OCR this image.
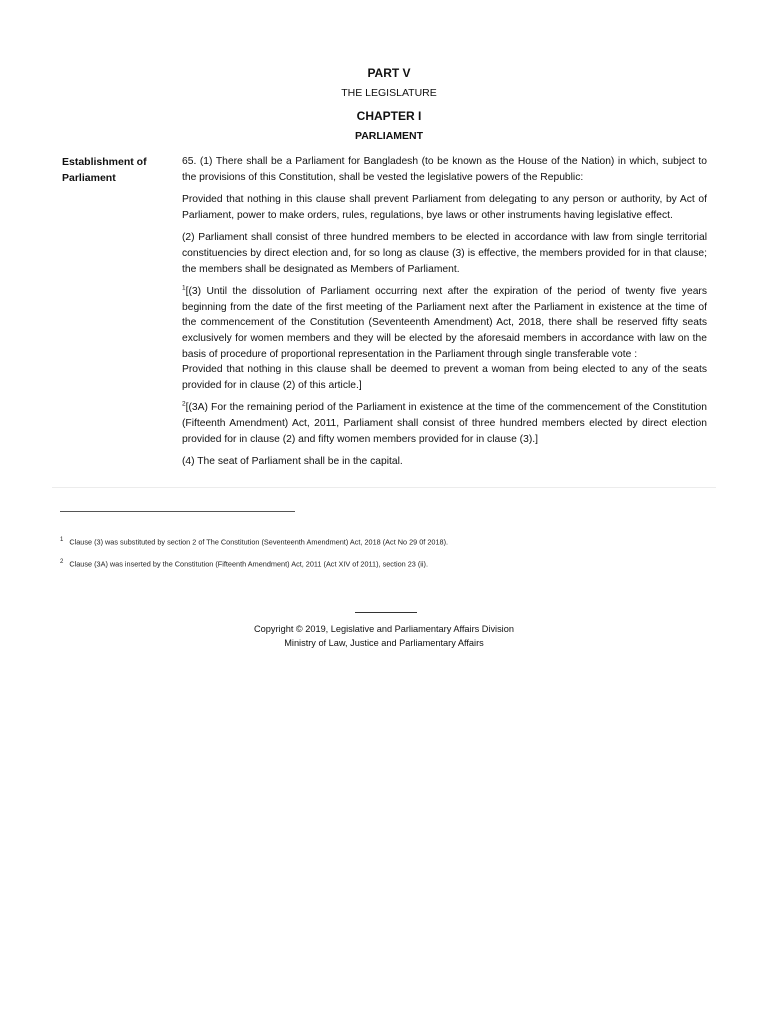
PART V
THE LEGISLATURE
CHAPTER I
PARLIAMENT
Establishment of Parliament

65. (1) There shall be a Parliament for Bangladesh (to be known as the House of the Nation) in which, subject to the provisions of this Constitution, shall be vested the legislative powers of the Republic:

Provided that nothing in this clause shall prevent Parliament from delegating to any person or authority, by Act of Parliament, power to make orders, rules, regulations, bye laws or other instruments having legislative effect.

(2) Parliament shall consist of three hundred members to be elected in accordance with law from single territorial constituencies by direct election and, for so long as clause (3) is effective, the members provided for in that clause; the members shall be designated as Members of Parliament.

$^1$[(3) Until the dissolution of Parliament occurring next after the expiration of the period of twenty five years beginning from the date of the first meeting of the Parliament next after the Parliament in existence at the time of the commencement of the Constitution (Seventeenth Amendment) Act, 2018, there shall be reserved fifty seats exclusively for women members and they will be elected by the aforesaid members in accordance with law on the basis of procedure of proportional representation in the Parliament through single transferable vote :

Provided that nothing in this clause shall be deemed to prevent a woman from being elected to any of the seats provided for in clause (2) of this article.]

$^2$[(3A) For the remaining period of the Parliament in existence at the time of the commencement of the Constitution (Fifteenth Amendment) Act, 2011, Parliament shall consist of three hundred members elected by direct election provided for in clause (2) and fifty women members provided for in clause (3).]

(4) The seat of Parliament shall be in the capital.

$^1$ Clause (3) was substituted by section 2 of The Constitution (Seventeenth Amendment) Act, 2018 (Act No 29 0f 2018).
$^2$ Clause (3A) was inserted by the Constitution (Fifteenth Amendment) Act, 2011 (Act XIV of 2011), section 23 (ii).
Copyright © 2019, Legislative and Parliamentary Affairs Division
Ministry of Law, Justice and Parliamentary Affairs
